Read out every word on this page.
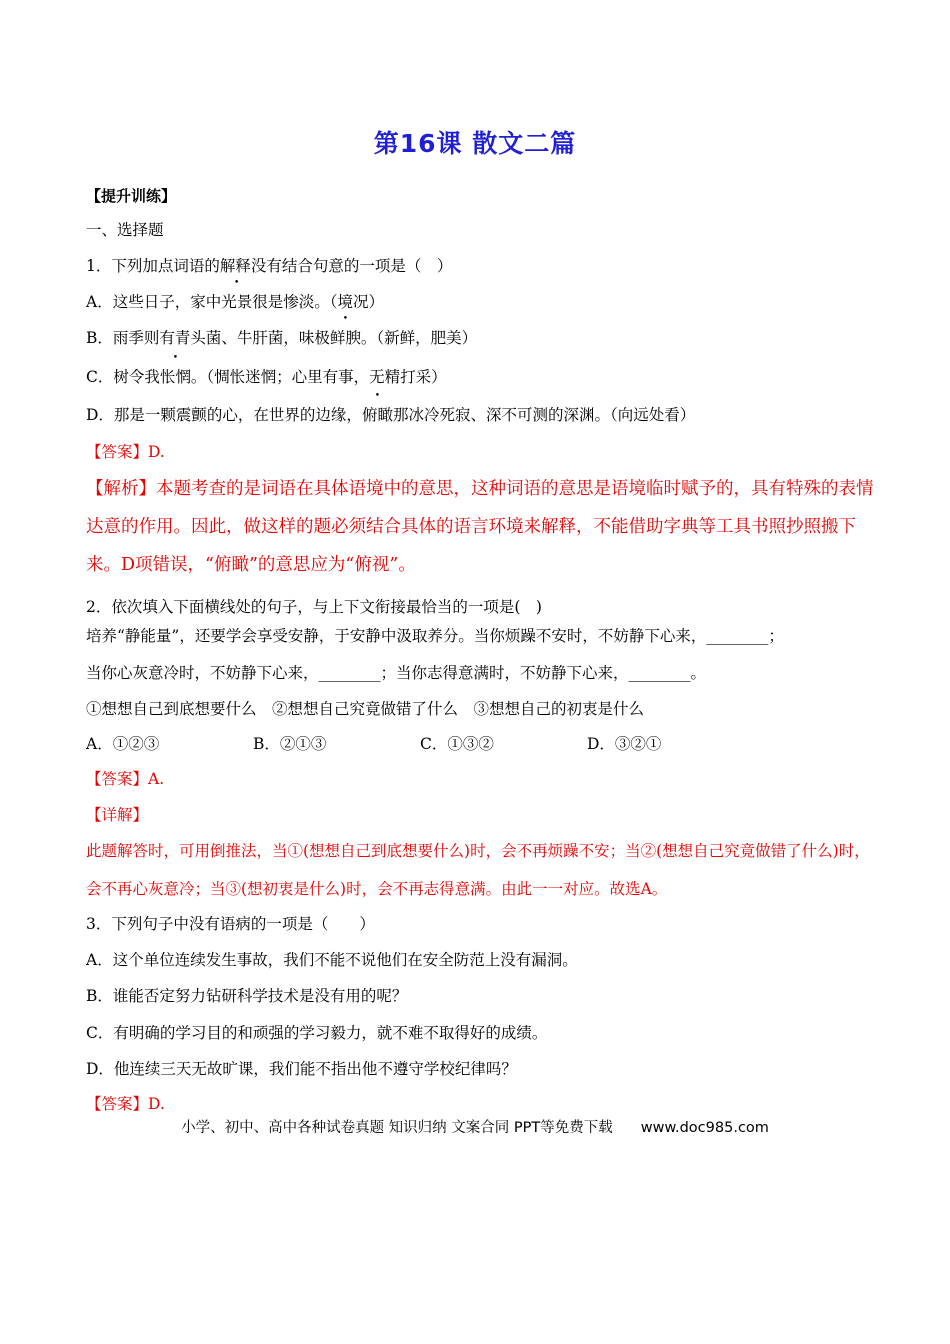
第16课 散文二篇
【提升训练】
一、选择题
1．下列加点词语的解释没有结合句意的一项是（　）
A．这些日子，家中光景很是惨淡。（境况）
B．雨季则有青头菌、牛肝菌，味极鲜腴。（新鲜，肥美）
C．树令我怅惘。（惆怅迷惘；心里有事，无精打采）
D．那是一颗震颤的心，在世界的边缘，俯瞰那冰冷死寂、深不可测的深渊。（向远处看）
【答案】D.
【解析】本题考查的是词语在具体语境中的意思，这种词语的意思是语境临时赋予的，具有特殊的表情达意的作用。因此，做这样的题必须结合具体的语言环境来解释，不能借助字典等工具书照抄照搬下来。D项错误，“俯瞰”的意思应为“俯视”。
2．依次填入下面横线处的句子，与上下文衔接最恰当的一项是(　)
培养“静能量”，还要学会享受安静，于安静中汲取养分。当你烦躁不安时，不妨静下心来，________；
当你心灰意冷时，不妨静下心来，________；当你志得意满时，不妨静下心来，________。
①想想自己到底想要什么　②想想自己究竟做错了什么　③想想自己的初衷是什么
A．①②③	B．②①③	C．①③②	D．③②①
【答案】A.
【详解】
此题解答时，可用倒推法，当①(想想自己到底想要什么)时，会不再烦躁不安；当②(想想自己究竟做错了什么)时，会不再心灰意冷；当③(想初衷是什么)时，会不再志得意满。由此一一对应。故选A。
3．下列句子中没有语病的一项是（　　）
A．这个单位连续发生事故，我们不能不说他们在安全防范上没有漏洞。
B．谁能否定努力钻研科学技术是没有用的呢？
C．有明确的学习目的和顽强的学习毅力，就不难不取得好的成绩。
D．他连续三天无故旷课，我们能不指出他不遵守学校纪律吗？
【答案】D.
小学、初中、高中各种试卷真题 知识归纳 文案合同 PPT等免费下载 www.doc985.com
